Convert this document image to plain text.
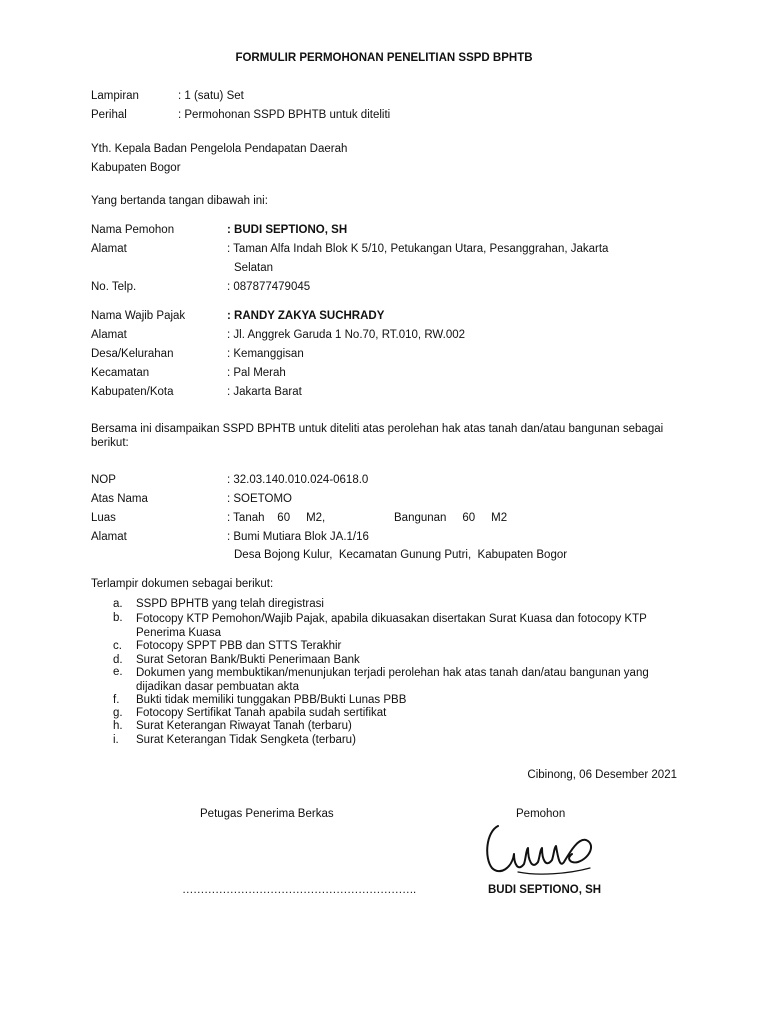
FORMULIR PERMOHONAN PENELITIAN SSPD BPHTB
Lampiran	: 1 (satu) Set
Perihal	: Permohonan SSPD BPHTB untuk diteliti
Yth. Kepala Badan Pengelola Pendapatan Daerah
Kabupaten Bogor
Yang bertanda tangan dibawah ini:
Nama Pemohon	: BUDI SEPTIONO, SH
Alamat	: Taman Alfa Indah Blok K 5/10, Petukangan Utara, Pesanggrahan, Jakarta
Selatan
No. Telp.	: 087877479045
Nama Wajib Pajak	: RANDY ZAKYA SUCHRADY
Alamat	: Jl. Anggrek Garuda 1 No.70, RT.010, RW.002
Desa/Kelurahan	: Kemanggisan
Kecamatan	: Pal Merah
Kabupaten/Kota	: Jakarta Barat
Bersama ini disampaikan SSPD BPHTB untuk diteliti atas perolehan hak atas tanah dan/atau bangunan sebagai berikut:
NOP	: 32.03.140.010.024-0618.0
Atas Nama	: SOETOMO
Luas	: Tanah    60     M2,	Bangunan     60     M2
Alamat	: Bumi Mutiara Blok JA.1/16
Desa Bojong Kulur,  Kecamatan Gunung Putri,  Kabupaten Bogor
Terlampir dokumen sebagai berikut:
a. SSPD BPHTB yang telah diregistrasi
b. Fotocopy KTP Pemohon/Wajib Pajak, apabila dikuasakan disertakan Surat Kuasa dan fotocopy KTP Penerima Kuasa
c. Fotocopy SPPT PBB dan STTS Terakhir
d. Surat Setoran Bank/Bukti Penerimaan Bank
e. Dokumen yang membuktikan/menunjukan terjadi perolehan hak atas tanah dan/atau bangunan yang dijadikan dasar pembuatan akta
f. Bukti tidak memiliki tunggakan PBB/Bukti Lunas PBB
g. Fotocopy Sertifikat Tanah apabila sudah sertifikat
h. Surat Keterangan Riwayat Tanah (terbaru)
i. Surat Keterangan Tidak Sengketa (terbaru)
Cibinong, 06 Desember 2021
Petugas Penerima Berkas	Pemohon
……………………………………………………….	BUDI SEPTIONO, SH
